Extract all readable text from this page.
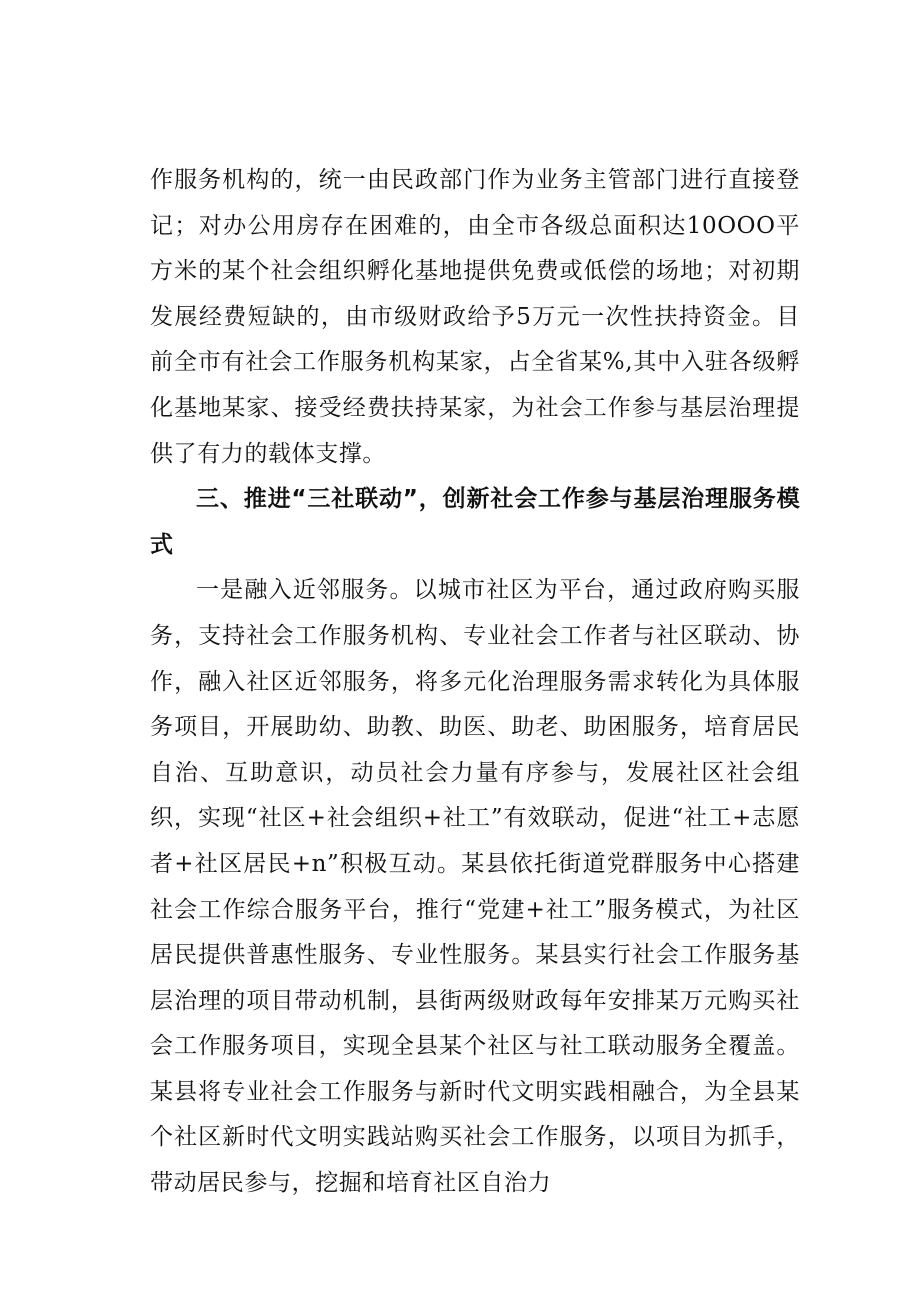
作服务机构的，统一由民政部门作为业务主管部门进行直接登记；对办公用房存在困难的，由全市各级总面积达10OOO平方米的某个社会组织孵化基地提供免费或低偿的场地；对初期发展经费短缺的，由市级财政给予5万元一次性扶持资金。目前全市有社会工作服务机构某家，占全省某%,其中入驻各级孵化基地某家、接受经费扶持某家，为社会工作参与基层治理提供了有力的载体支撑。

三、推进“三社联动”，创新社会工作参与基层治理服务模式

一是融入近邻服务。以城市社区为平台，通过政府购买服务，支持社会工作服务机构、专业社会工作者与社区联动、协作，融入社区近邻服务，将多元化治理服务需求转化为具体服务项目，开展助幼、助教、助医、助老、助困服务，培育居民自治、互助意识，动员社会力量有序参与，发展社区社会组织，实现“社区+社会组织+社工”有效联动，促进“社工+志愿者+社区居民+n”积极互动。某县依托街道党群服务中心搭建社会工作综合服务平台，推行“党建+社工”服务模式，为社区居民提供普惠性服务、专业性服务。某县实行社会工作服务基层治理的项目带动机制，县街两级财政每年安排某万元购买社会工作服务项目，实现全县某个社区与社工联动服务全覆盖。某县将专业社会工作服务与新时代文明实践相融合，为全县某个社区新时代文明实践站购买社会工作服务，以项目为抓手，带动居民参与，挖掘和培育社区自治力
